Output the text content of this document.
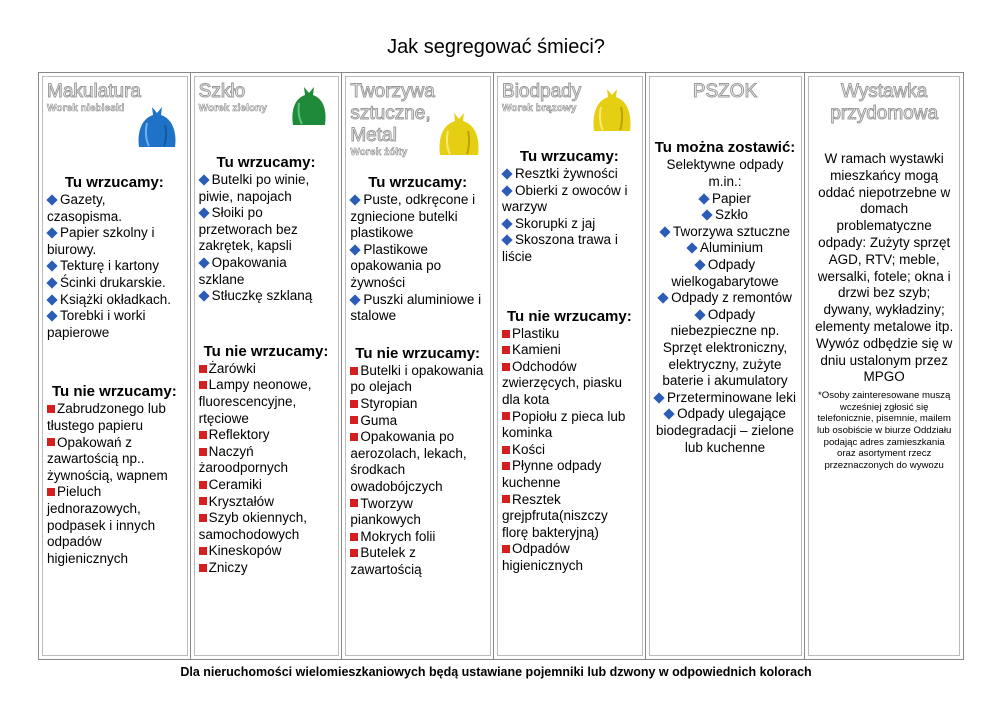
Jak segregować śmieci?
Makulatura
Worek niebieski
Tu wrzucamy:
Gazety, czasopisma.
Papier szkolny i biurowy.
Tekturę i kartony
Ścinki drukarskie.
Książki okładkach.
Torebki i worki papierowe
Tu nie wrzucamy:
Zabrudzonego lub tłustego papieru
Opakowań z zawartością np.. żywnością, wapnem
Pieluch jednorazowych, podpasek i innych odpadów higienicznych
Szkło
Worek zielony
Tu wrzucamy:
Butelki po winie, piwie, napojach
Słoiki po przetworach bez zakrętek, kapsli
Opakowania szklane
Stłuczkę szklaną
Tu nie wrzucamy:
Żarówki
Lampy neonowe, fluorescencyjne, rtęciowe
Reflektory
Naczyń żaroodpornych
Ceramiki
Kryształów
Szyb okiennych, samochodowych
Kineskopów
Zniczy
Tworzywa sztuczne, Metal
Worek żółty
Tu wrzucamy:
Puste, odkręcone i zgniecione butelki plastikowe
Plastikowe opakowania po żywności
Puszki aluminiowe i stalowe
Tu nie wrzucamy:
Butelki i opakowania po olejach
Styropian
Guma
Opakowania po aerozolach, lekach, środkach owadobójczych
Tworzyw piankowych
Mokrych folii
Butelek z zawartością
Biodpady
Worek brązowy
Tu wrzucamy:
Resztki żywności
Obierki z owoców i warzyw
Skorupki z jaj
Skoszona trawa i liście
Tu nie wrzucamy:
Plastiku
Kamieni
Odchodów zwierzęcych, piasku dla kota
Popiołu z pieca lub kominka
Kości
Płynne odpady kuchenne
Resztek grejpfruta(niszczy florę bakteryjną)
Odpadów higienicznych
PSZOK
Tu można zostawić:
Selektywne odpady m.in.:
Papier
Szkło
Tworzywa sztuczne
Aluminium
Odpady wielkogabarytowe
Odpady z remontów
Odpady niebezpieczne np. Sprzęt elektroniczny, elektryczny, zużyte baterie i akumulatory
Przeterminowane leki
Odpady ulegające biodegradacji – zielone lub kuchenne
Wystawka przydomowa
W ramach wystawki mieszkańcy mogą oddać niepotrzebne w domach problematyczne odpady: Zużyty sprzęt AGD, RTV; meble, wersalki, fotele; okna i drzwi bez szyb; dywany, wykładziny; elementy metalowe itp. Wywóz odbędzie się w dniu ustalonym przez MPGO
*Osoby zainteresowane muszą wcześniej zgłosić się telefonicznie, pisemnie, mailem lub osobiście w biurze Oddziału podając adres zamieszkania oraz asortyment rzecz przeznaczonych do wywozu
Dla nieruchomości wielomieszkaniowych będą ustawiane pojemniki lub dzwony w odpowiednich kolorach
